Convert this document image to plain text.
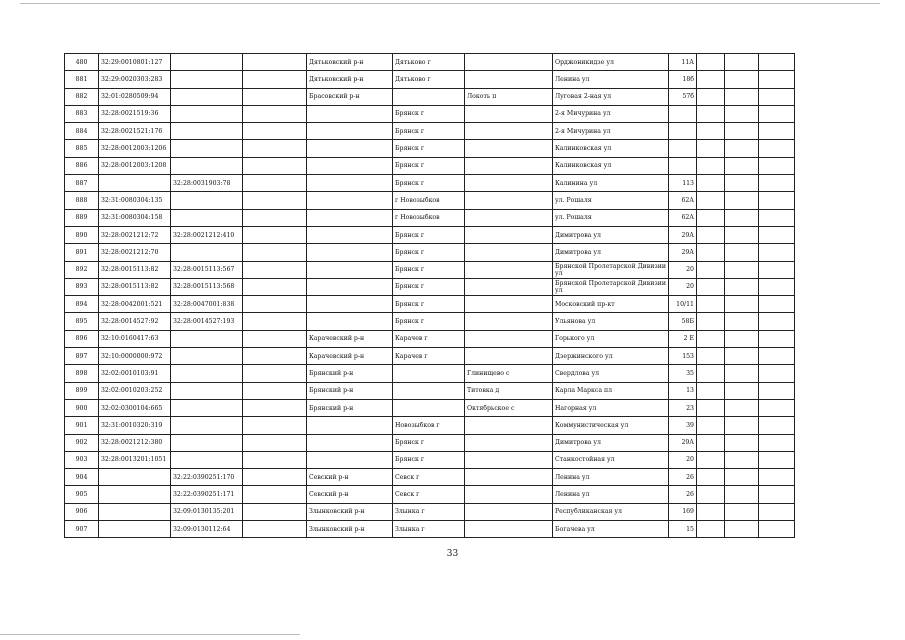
480	32:29:0010801:127			Дятьковский р-н	Дятьково г		Орджоникидзе ул	11А			
881	32:29:0020303:283			Дятьковский р-н	Дятьково г		Ленина ул	18б			
882	32:01:0280509:94			Брасовский р-н		Локоть п	Луговая 2-ная ул	57б			
883	32:28:0021519:36				Брянск г		2-я Мичурина ул				
884	32:28:0021521:176				Брянск г		2-я Мичурина ул				
885	32:28:0012003:1206				Брянск г		Калинковская ул				
886	32:28:0012003:1208				Брянск г		Калинковская ул				
887		32:28:0031903:78			Брянск г		Калинина ул	113			
888	32:31:0080304:135				г Новозыбков		ул. Рошаля	62А			
889	32:31:0080304:158				г Новозыбков		ул. Рошаля	62А			
890	32:28:0021212:72	32:28:0021212:410			Брянск г		Димитрова ул	29А			
891	32:28:0021212:70				Брянск г		Димитрова ул	29А			
892	32:28:0015113:82	32:28:0015113:567			Брянск г		Брянской Пролетарской Дивизии ул	20			
893	32:28:0015113:82	32:28:0015113:568			Брянск г		Брянской Пролетарской Дивизии ул	20			
894	32:28:0042001:521	32:28:0047001:838			Брянск г		Московский пр-кт	10/11			
895	32:28:0014527:92	32:28:0014527:193			Брянск г		Ульянова ул	58Б			
896	32:10:0160417:63			Карачевский р-н	Карачев г		Горького ул	2 Е			
897	32:10:0000000:972			Карачевский р-н	Карачев г		Дзержинского ул	153			
898	32:02:0010103:91			Брянский р-н		Глинищево с	Свердлова ул	35			
899	32:02:0010203:252			Брянский р-н		Титовка д	Карла Маркса пл	13			
900	32:02:0300104:665			Брянский р-н		Октябрьское с	Нагорная ул	23			
901	32:31:0010320:319				Новозыбков г		Коммунистическая ул	39			
902	32:28:0021212:380				Брянск г		Димитрова ул	29А			
903	32:28:0013201:1051				Брянск г		Станкостойная ул	20			
904		32:22:0390251:170		Севский р-н	Севск г		Ленина ул	26			
905		32:22:0390251:171		Севский р-н	Севск г		Ленина ул	26			
906		32:09:0130135:201		Злынковский р-н	Злынка г		Республиканская ул	169			
907		32:09:0130112:64		Злынковский р-н	Злынка г		Богачева ул	15			
33
